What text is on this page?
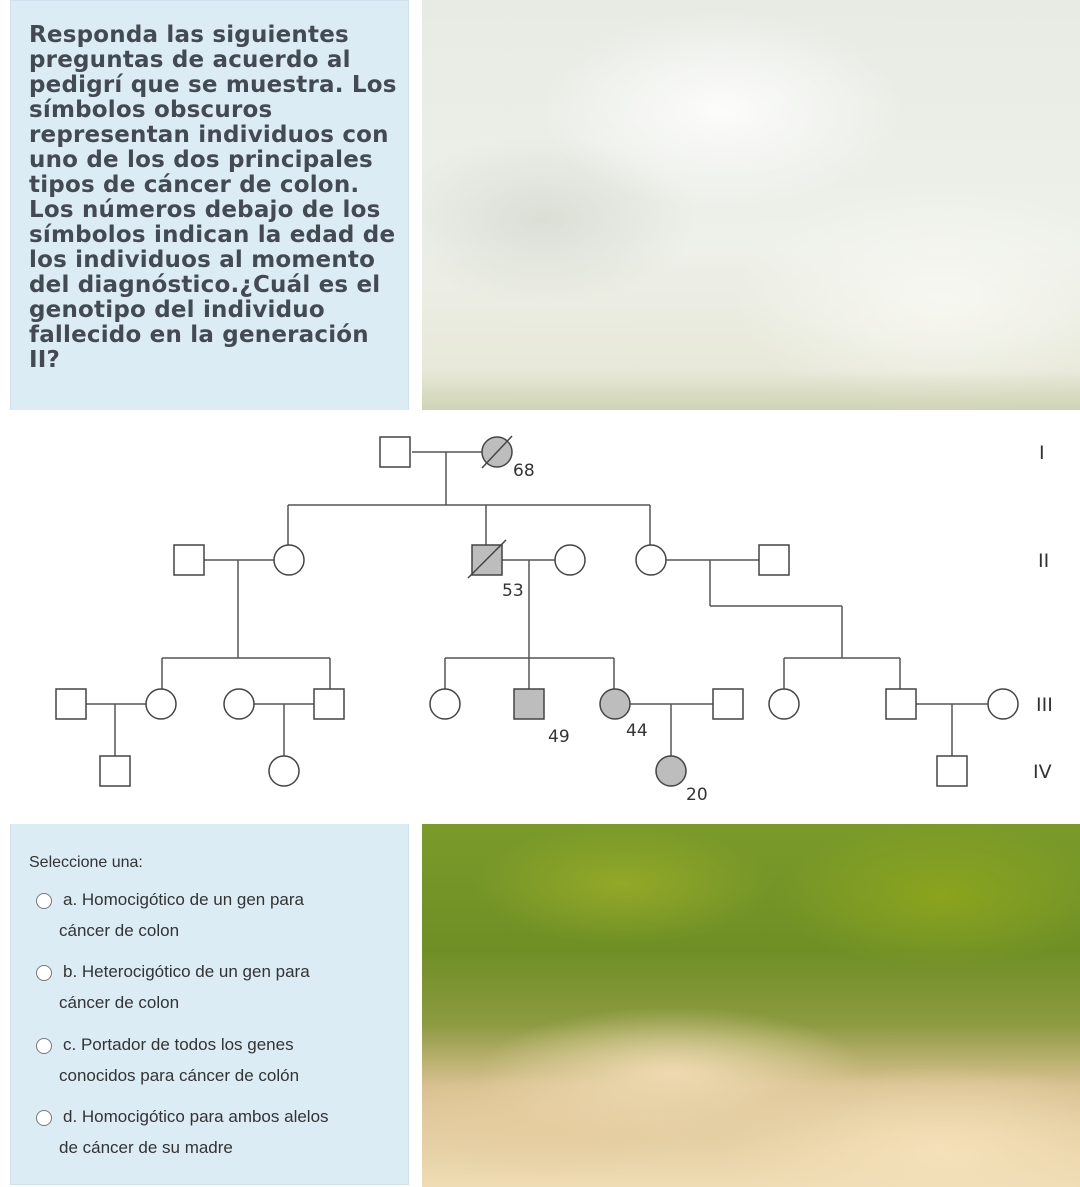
Responda las siguientes preguntas de acuerdo al pedigrí que se muestra. Los símbolos obscuros representan individuos con uno de los dos principales tipos de cáncer de colon. Los números debajo de los símbolos indican la edad de los individuos al momento del diagnóstico.¿Cuál es el genotipo del individuo fallecido en la generación II?

68
53
49	44
20
I
II
III
IV

Seleccione una:

a. Homocigótico de un gen para
cáncer de colon
b. Heterocigótico de un gen para
cáncer de colon
c. Portador de todos los genes
conocidos para cáncer de colón
d. Homocigótico para ambos alelos
de cáncer de su madre
